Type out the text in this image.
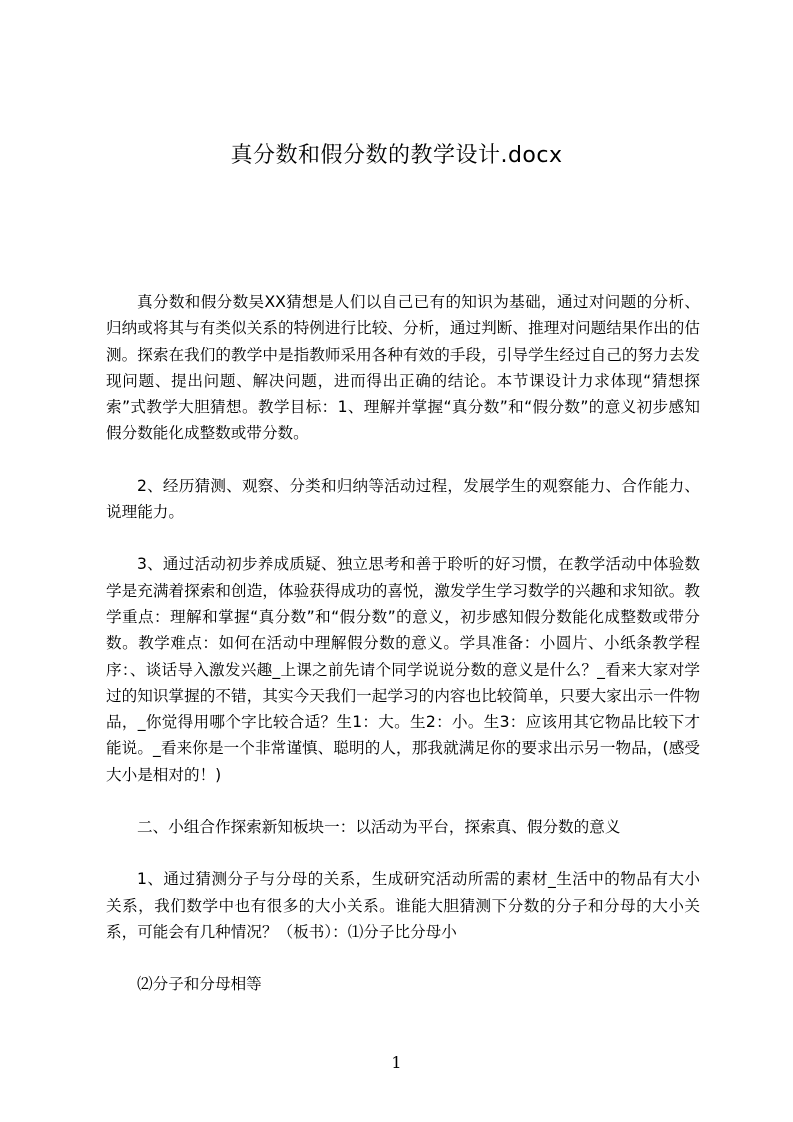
真分数和假分数的教学设计.docx

真分数和假分数吴XX猜想是人们以自己已有的知识为基础，通过对问题的分析、归纳或将其与有类似关系的特例进行比较、分析，通过判断、推理对问题结果作出的估测。探索在我们的教学中是指教师采用各种有效的手段，引导学生经过自己的努力去发现问题、提出问题、解决问题，进而得出正确的结论。本节课设计力求体现“猜想探索”式教学大胆猜想。教学目标：1、理解并掌握“真分数”和“假分数”的意义初步感知假分数能化成整数或带分数。

2、经历猜测、观察、分类和归纳等活动过程，发展学生的观察能力、合作能力、说理能力。

3、通过活动初步养成质疑、独立思考和善于聆听的好习惯，在教学活动中体验数学是充满着探索和创造，体验获得成功的喜悦，激发学生学习数学的兴趣和求知欲。教学重点：理解和掌握“真分数”和“假分数”的意义，初步感知假分数能化成整数或带分数。教学难点：如何在活动中理解假分数的意义。学具准备：小圆片、小纸条教学程序：、谈话导入激发兴趣_上课之前先请个同学说说分数的意义是什么？_看来大家对学过的知识掌握的不错，其实今天我们一起学习的内容也比较简单，只要大家出示一件物品，_你觉得用哪个字比较合适？生1：大。生2：小。生3：应该用其它物品比较下才能说。_看来你是一个非常谨慎、聪明的人，那我就满足你的要求出示另一物品，(感受大小是相对的！)

二、小组合作探索新知板块一：以活动为平台，探索真、假分数的意义

1、通过猜测分子与分母的关系，生成研究活动所需的素材_生活中的物品有大小关系，我们数学中也有很多的大小关系。谁能大胆猜测下分数的分子和分母的大小关系，可能会有几种情况？（板书）：⑴分子比分母小

⑵分子和分母相等

1
